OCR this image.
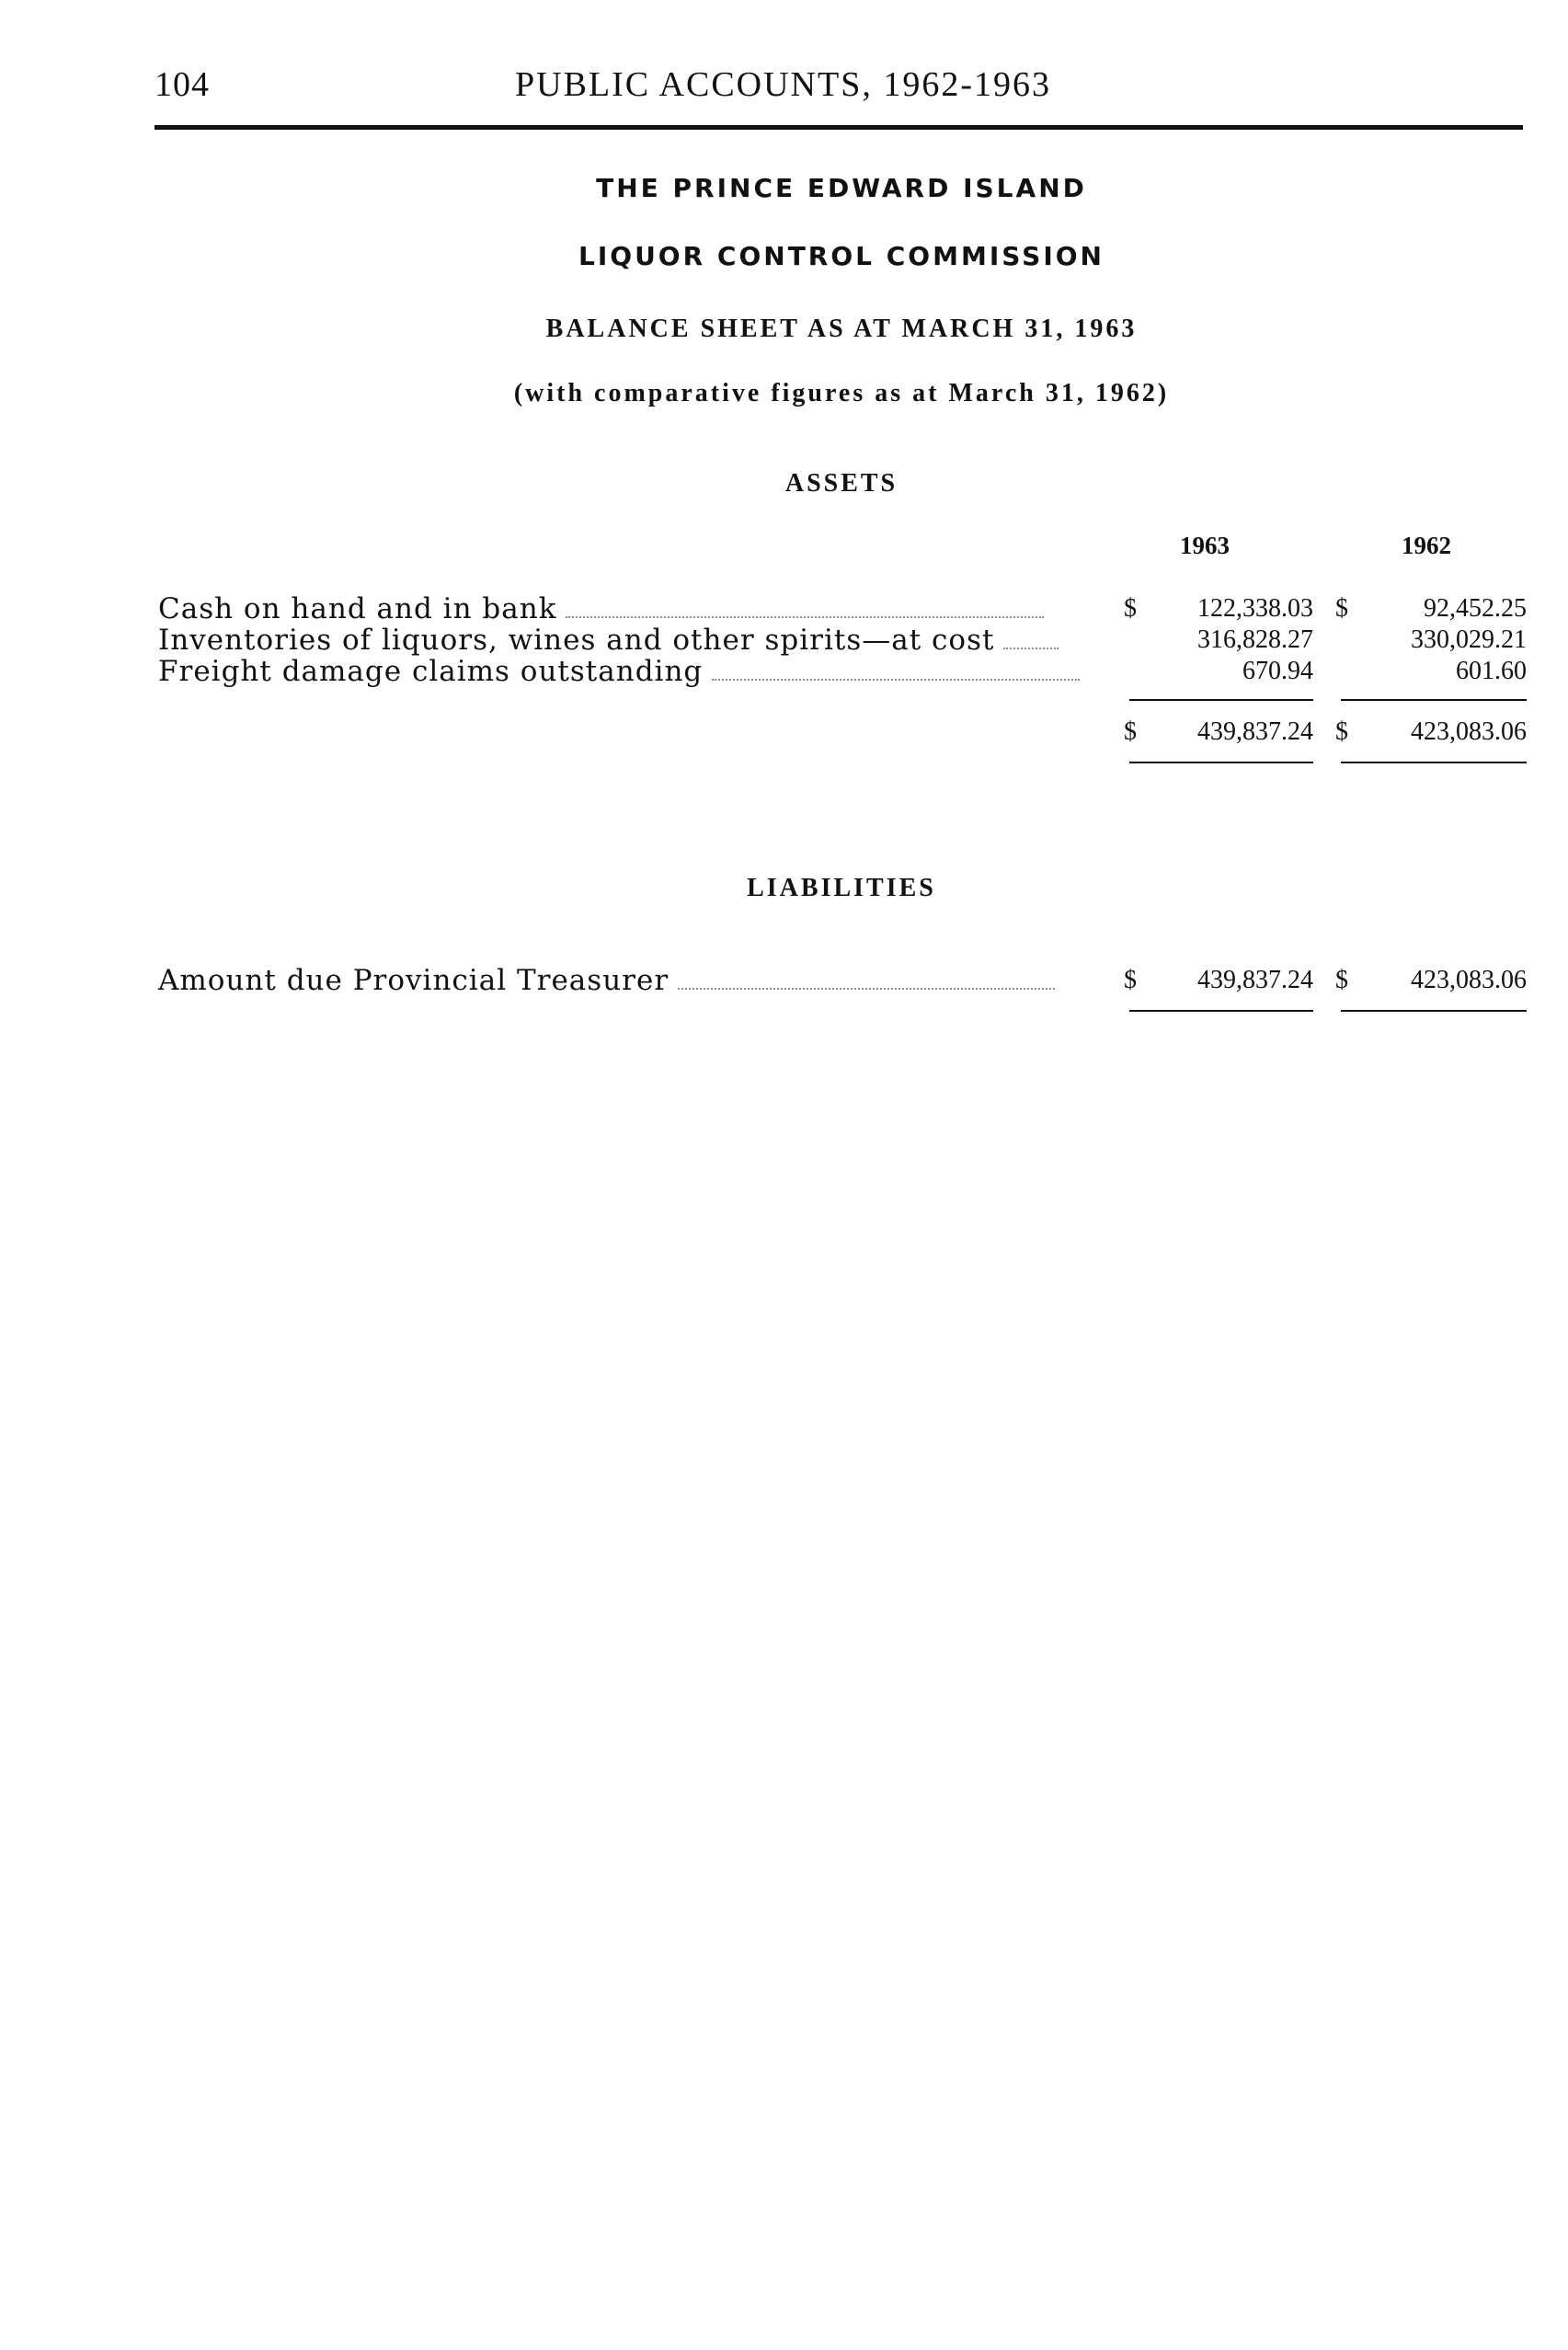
104	PUBLIC ACCOUNTS, 1962-1963
THE PRINCE EDWARD ISLAND
LIQUOR CONTROL COMMISSION
BALANCE SHEET AS AT MARCH 31, 1963
(with comparative figures as at March 31, 1962)
ASSETS
1963	1962
Cash on hand and in bank	$	122,338.03 $	92,452.25
Inventories of liquors, wines and other spirits—at cost	316,828.27	330,029.21
Freight damage claims outstanding	670.94	601.60
$	439,837.24 $	423,083.06
LIABILITIES
Amount due Provincial Treasurer	$	439,837.24 $	423,083.06
